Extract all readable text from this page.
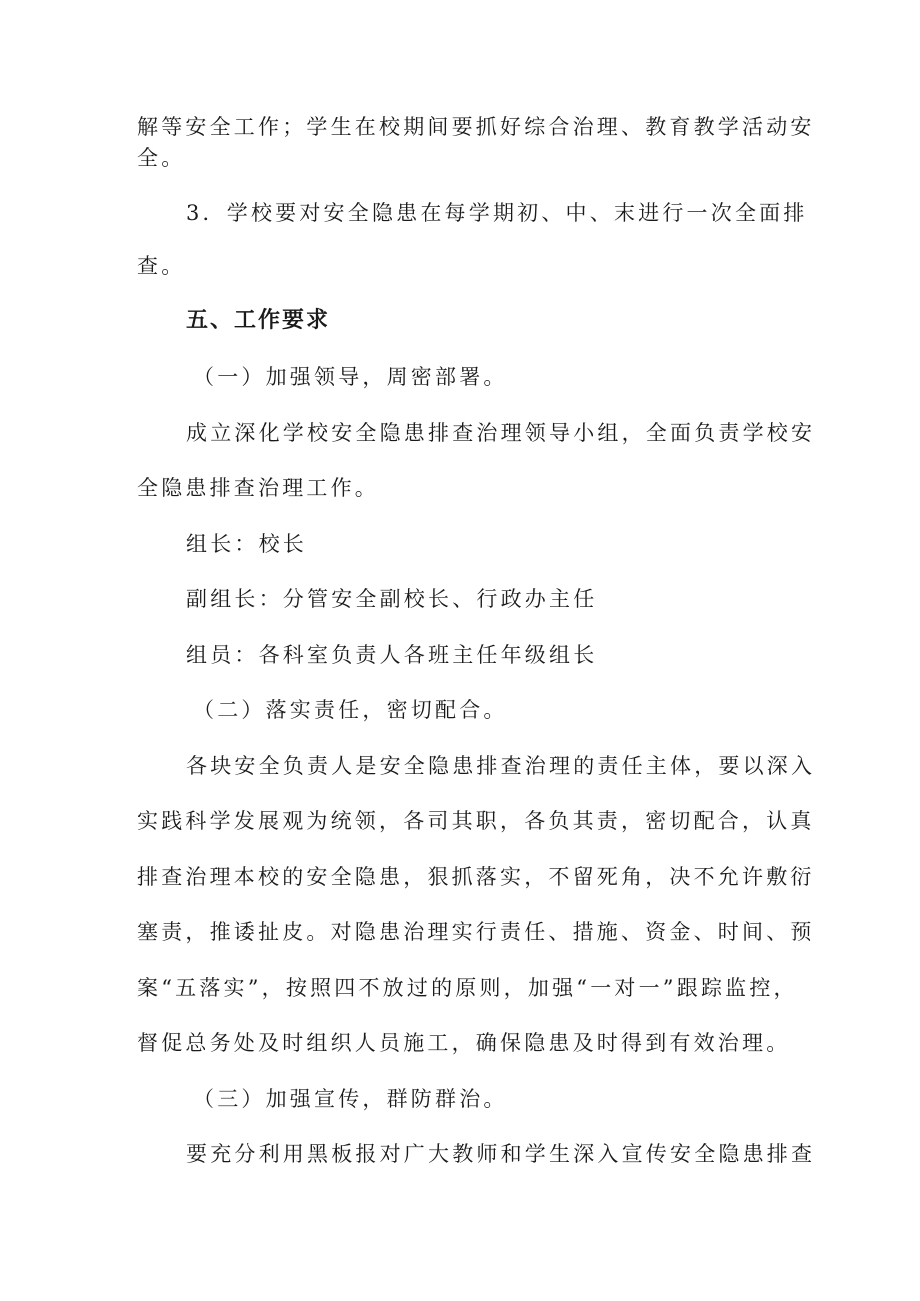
解等安全工作；学生在校期间要抓好综合治理、教育教学活动安
全。
3．学校要对安全隐患在每学期初、中、末进行一次全面排
查。
五、工作要求
（一）加强领导，周密部署。
成立深化学校安全隐患排查治理领导小组，全面负责学校安
全隐患排查治理工作。
组长：校长
副组长：分管安全副校长、行政办主任
组员：各科室负责人各班主任年级组长
（二）落实责任，密切配合。
各块安全负责人是安全隐患排查治理的责任主体，要以深入
实践科学发展观为统领，各司其职，各负其责，密切配合，认真
排查治理本校的安全隐患，狠抓落实，不留死角，决不允许敷衍
塞责，推诿扯皮。对隐患治理实行责任、措施、资金、时间、预
案“五落实”，按照四不放过的原则，加强“一对一”跟踪监控，
督促总务处及时组织人员施工，确保隐患及时得到有效治理。
（三）加强宣传，群防群治。
要充分利用黑板报对广大教师和学生深入宣传安全隐患排查
